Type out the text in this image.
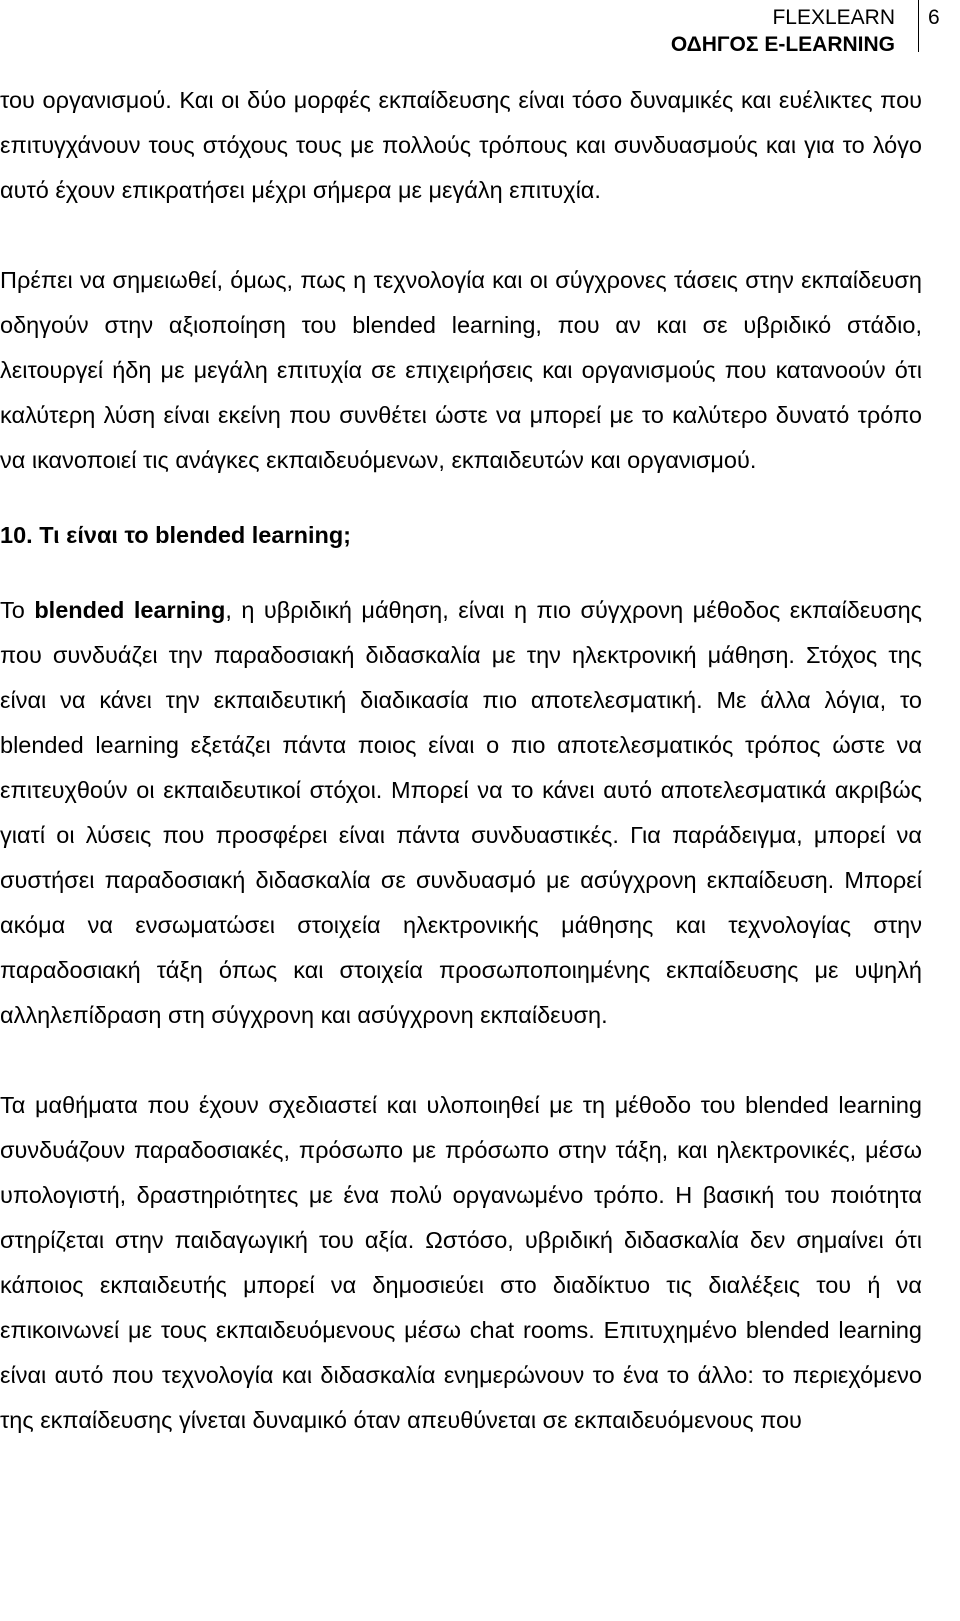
FLEXLEARN
ΟΔΗΓΟΣ E-LEARNING
6

του οργανισμού. Και οι δύο μορφές εκπαίδευσης είναι τόσο δυναμικές και ευέλικτες που επιτυγχάνουν τους στόχους τους με πολλούς τρόπους και συνδυασμούς και για το λόγο αυτό έχουν επικρατήσει μέχρι σήμερα με μεγάλη επιτυχία.

Πρέπει να σημειωθεί, όμως, πως η τεχνολογία και οι σύγχρονες τάσεις στην εκπαίδευση οδηγούν στην αξιοποίηση του blended learning, που αν και σε υβριδικό στάδιο, λειτουργεί ήδη με μεγάλη επιτυχία σε επιχειρήσεις και οργανισμούς που κατανοούν ότι καλύτερη λύση είναι εκείνη που συνθέτει ώστε να μπορεί με το καλύτερο δυνατό τρόπο να ικανοποιεί τις ανάγκες εκπαιδευόμενων, εκπαιδευτών και οργανισμού.

10. Τι είναι το blended learning;

Το blended learning, η υβριδική μάθηση, είναι η πιο σύγχρονη μέθοδος εκπαίδευσης που συνδυάζει την παραδοσιακή διδασκαλία με την ηλεκτρονική μάθηση. Στόχος της είναι να κάνει την εκπαιδευτική διαδικασία πιο αποτελεσματική. Με άλλα λόγια, το blended learning εξετάζει πάντα ποιος είναι ο πιο αποτελεσματικός τρόπος ώστε να επιτευχθούν οι εκπαιδευτικοί στόχοι. Μπορεί να το κάνει αυτό αποτελεσματικά ακριβώς γιατί οι λύσεις που προσφέρει είναι πάντα συνδυαστικές. Για παράδειγμα, μπορεί να συστήσει παραδοσιακή διδασκαλία σε συνδυασμό με ασύγχρονη εκπαίδευση. Μπορεί ακόμα να ενσωματώσει στοιχεία ηλεκτρονικής μάθησης και τεχνολογίας στην παραδοσιακή τάξη όπως και στοιχεία προσωποποιημένης εκπαίδευσης με υψηλή αλληλεπίδραση στη σύγχρονη και ασύγχρονη εκπαίδευση.

Τα μαθήματα που έχουν σχεδιαστεί και υλοποιηθεί με τη μέθοδο του blended learning συνδυάζουν παραδοσιακές, πρόσωπο με πρόσωπο στην τάξη, και ηλεκτρονικές, μέσω υπολογιστή, δραστηριότητες με ένα πολύ οργανωμένο τρόπο. Η βασική του ποιότητα στηρίζεται στην παιδαγωγική του αξία. Ωστόσο, υβριδική διδασκαλία δεν σημαίνει ότι κάποιος εκπαιδευτής μπορεί να δημοσιεύει στο διαδίκτυο τις διαλέξεις του ή να επικοινωνεί με τους εκπαιδευόμενους μέσω chat rooms. Επιτυχημένο blended learning είναι αυτό που τεχνολογία και διδασκαλία ενημερώνουν το ένα το άλλο: το περιεχόμενο της εκπαίδευσης γίνεται δυναμικό όταν απευθύνεται σε εκπαιδευόμενους που
